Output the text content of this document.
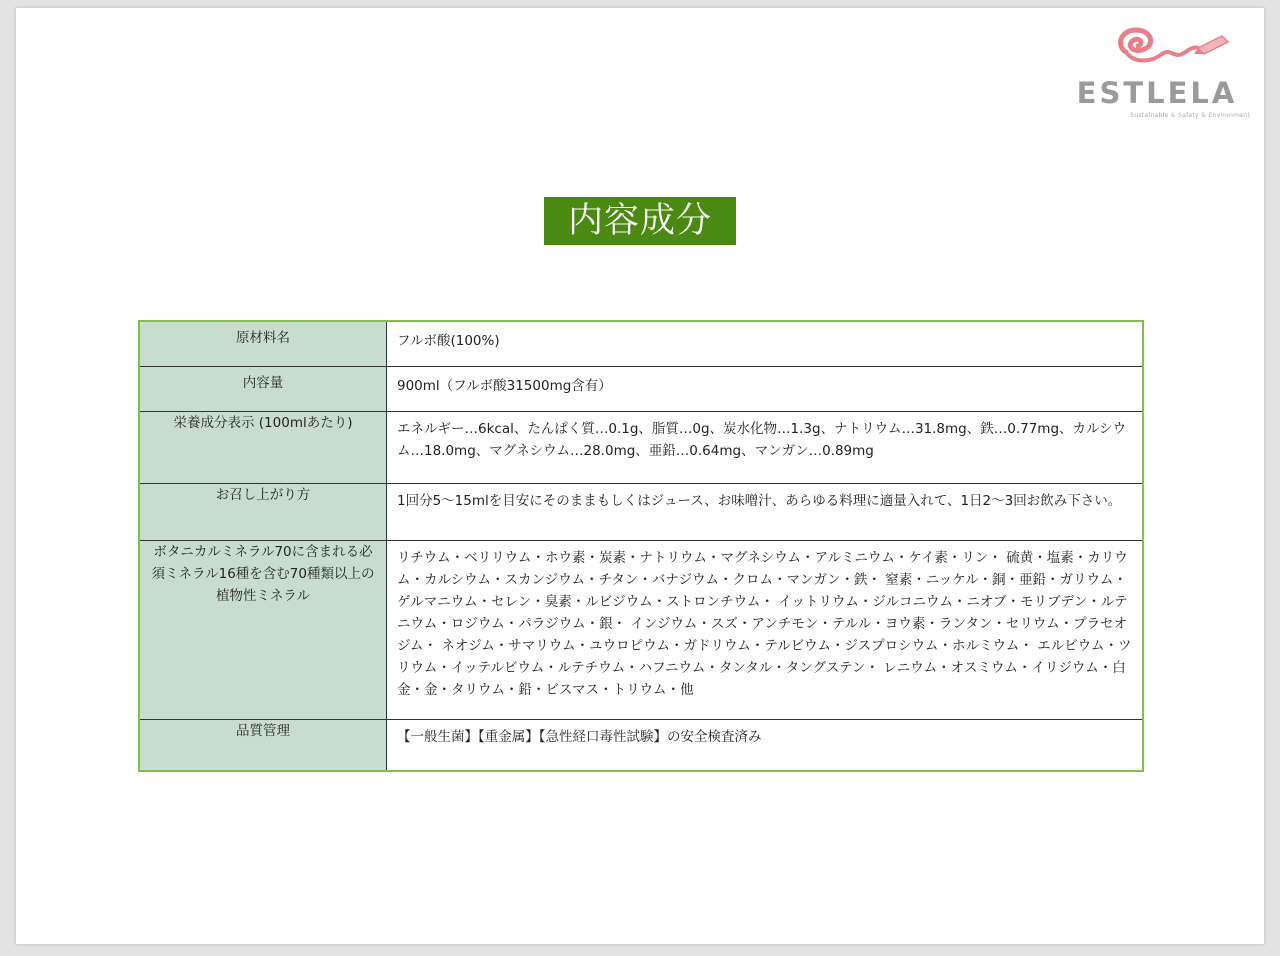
ESTLELA
Sustainable & Safety & Environment
内容成分
原材料名	フルボ酸(100%)
内容量	900ml（フルボ酸31500mg含有）
栄養成分表示 (100mlあたり)	エネルギー…6kcal、たんぱく質…0.1g、脂質…0g、炭水化物…1.3g、ナトリウム…31.8mg、鉄…0.77mg、カルシウム…18.0mg、マグネシウム…28.0mg、亜鉛…0.64mg、マンガン…0.89mg
お召し上がり方	1回分5〜15mlを目安にそのままもしくはジュース、お味噌汁、あらゆる料理に適量入れて、1日2〜3回お飲み下さい。
ボタニカルミネラル70に含まれる必須ミネラル16種を含む70種類以上の植物性ミネラル	リチウム・ベリリウム・ホウ素・炭素・ナトリウム・マグネシウム・アルミニウム・ケイ素・リン・ 硫黄・塩素・カリウム・カルシウム・スカンジウム・チタン・バナジウム・クロム・マンガン・鉄・ 窒素・ニッケル・銅・亜鉛・ガリウム・ゲルマニウム・セレン・臭素・ルビジウム・ストロンチウム・ イットリウム・ジルコニウム・ニオブ・モリブデン・ルテニウム・ロジウム・パラジウム・銀・ インジウム・スズ・アンチモン・テルル・ヨウ素・ランタン・セリウム・プラセオジム・ ネオジム・サマリウム・ユウロピウム・ガドリウム・テルビウム・ジスプロシウム・ホルミウム・ エルビウム・ツリウム・イッテルビウム・ルテチウム・ハフニウム・タンタル・タングステン・ レニウム・オスミウム・イリジウム・白金・金・タリウム・鉛・ビスマス・トリウム・他
品質管理	【一般生菌】【重金属】【急性経口毒性試験】の安全検査済み
